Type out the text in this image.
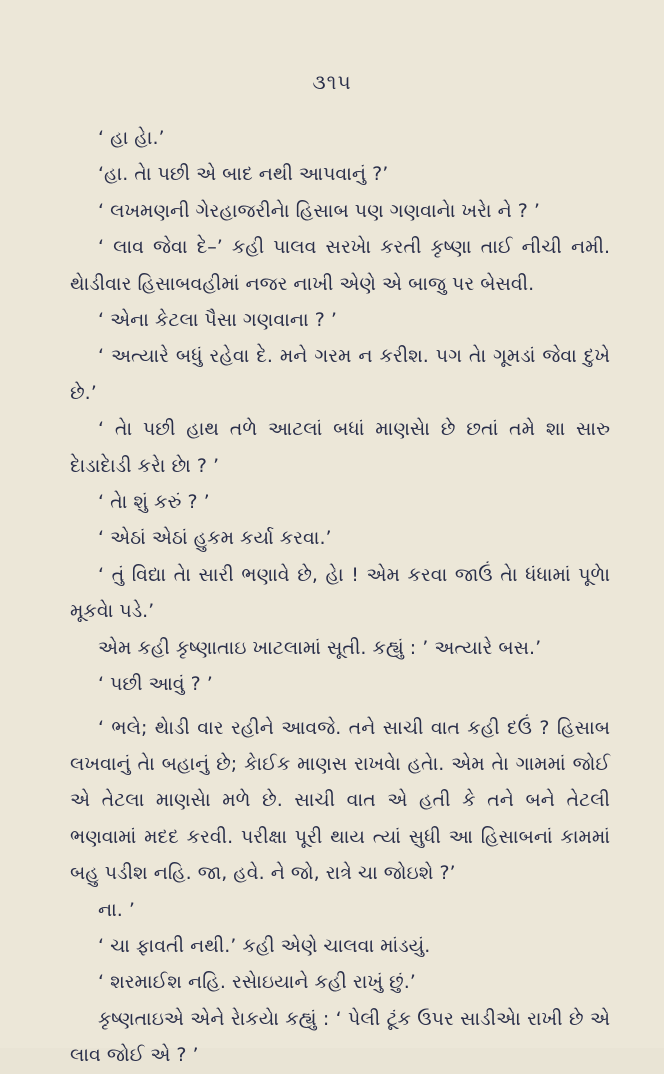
૩૧૫

‘ હા હેા.’

‘હા. તેા પછી એ બાદ નથી આપવાનું ?’

‘ લખમણની ગેરહાજરીનેા હિસાબ પણ ગણવાનેા ખરેા ને ? ’

‘ લાવ જેવા દે–’ કહી પાલવ સરખેા કરતી કૃષ્ણા તાઈ નીચી નમી. થેાડીવાર હિસાબવહીમાં નજર નાખી એણે એ બાજુ પર બેસવી.

‘ એના કેટલા પૈસા ગણવાના ? ’

‘ અત્યારે બધું રહેવા દે. મને ગરમ ન કરીશ. પગ તેા ગૂમડાં જેવા દુખે છે.’

‘ તેા પછી હાથ તળે આટલાં બધાં માણસેા છે છતાં તમે શા સારુ દેાડાદેાડી કરેા છેા ? ’

‘ તેા શું કરું ? ’

‘ એઠાં એઠાં હુકમ કર્યા કરવા.’

‘ તું વિદ્યા તેા સારી ભણાવે છે, હેા ! એમ કરવા જાઉં તેા ધંધામાં પૂળેા મૂકવેા પડે.’

એમ કહી કૃષ્ણાતાઇ ખાટલામાં સૂતી. કહ્યું : ’ અત્યારે બસ.’

‘ પછી આવું ? ’

‘ ભલે; થેાડી વાર રહીને આવજે. તને સાચી વાત કહી દઉં ? હિસાબ લખવાનું તેા બહાનું છે; કેાઈક માણસ રાખવેા હતેા. એમ તેા ગામમાં જોઈ એ તેટલા માણસેા મળે છે. સાચી વાત એ હતી કે તને બને તેટલી ભણવામાં મદદ કરવી. પરીક્ષા પૂરી થાય ત્યાં સુધી આ હિસાબનાં કામમાં બહુ પડીશ નહિ. જા, હવે. ને જો, રાત્રે ચા જોઇશે ?’

ના. ’

‘ ચા ફાવતી નથી.’ કહી એણે ચાલવા માંડયું.

‘ શરમાઈશ નહિ. રસેાઇયાને કહી રાખું છું.’

કૃષ્ણતાઇએ એને રેાકયેા કહ્યું : ‘ પેલી ટૂંક ઉપર સાડીએા રાખી છે એ લાવ જોઈ એ ? ’
